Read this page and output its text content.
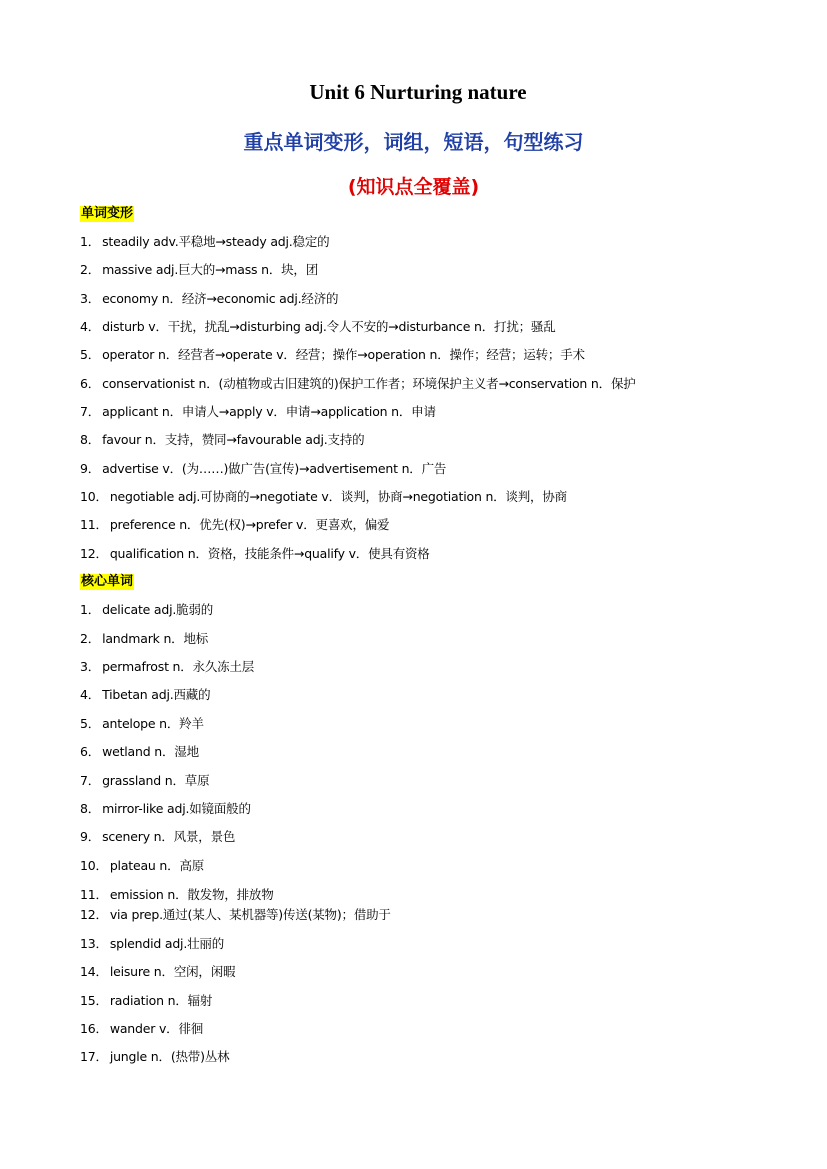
Unit 6 Nurturing nature
重点单词变形，词组，短语，句型练习
(知识点全覆盖)
单词变形
1． steadily adv.平稳地→steady adj.稳定的
2． massive adj.巨大的→mass n．块，团
3． economy n．经济→economic adj.经济的
4． disturb v．干扰，扰乱→disturbing adj.令人不安的→disturbance n．打扰；骚乱
5． operator n．经营者→operate v．经营；操作→operation n．操作；经营；运转；手术
6． conservationist n．(动植物或古旧建筑的)保护工作者；环境保护主义者→conservation n．保护
7． applicant n．申请人→apply v．申请→application n．申请
8． favour n．支持，赞同→favourable adj.支持的
9． advertise v．(为……)做广告(宣传)→advertisement n．广告
10． negotiable adj.可协商的→negotiate v．谈判，协商→negotiation n．谈判，协商
11． preference n．优先(权)→prefer v．更喜欢，偏爱
12． qualification n．资格，技能条件→qualify v．使具有资格
核心单词
1． delicate adj.脆弱的
2． landmark n．地标
3． permafrost n．永久冻土层
4． Tibetan adj.西藏的
5． antelope n．羚羊
6． wetland n．湿地
7． grassland n．草原
8． mirror-like adj.如镜面般的
9． scenery n．风景，景色
10． plateau n．高原
11． emission n．散发物，排放物
12． via prep.通过(某人、某机器等)传送(某物)；借助于
13． splendid adj.壮丽的
14． leisure n．空闲，闲暇
15． radiation n．辐射
16． wander v．徘徊
17． jungle n．(热带)丛林
